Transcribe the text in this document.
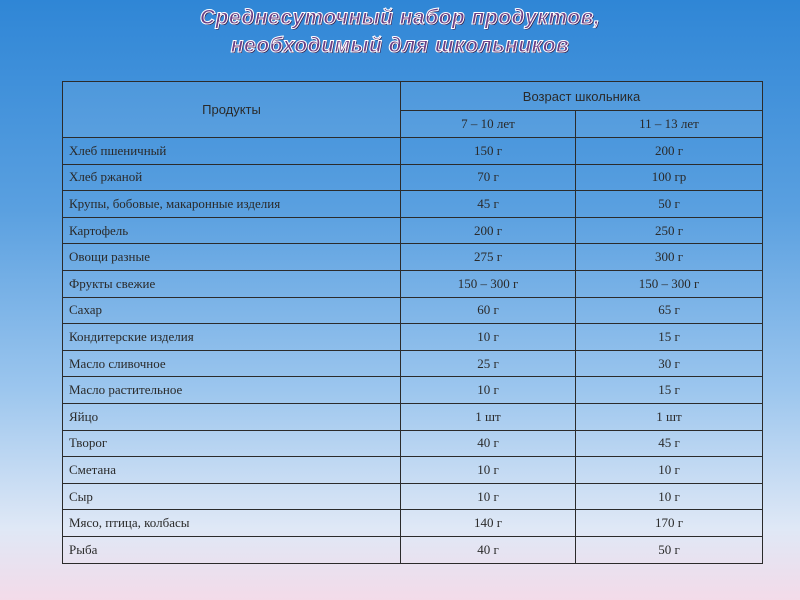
Среднесуточный набор продуктов,
необходимый для школьников
Продукты	Возраст школьника	
	7 – 10 лет	11 – 13 лет
Хлеб пшеничный	150 г	200 г
Хлеб ржаной	70 г	100 гр
Крупы, бобовые, макаронные изделия	45 г	50 г
Картофель	200 г	250 г
Овощи разные	275 г	300 г
Фрукты свежие	150 – 300 г	150 – 300 г
Сахар	60 г	65 г
Кондитерские изделия	10 г	15 г
Масло сливочное	25 г	30 г
Масло растительное	10 г	15 г
Яйцо	1 шт	1 шт
Творог	40 г	45 г
Сметана	10 г	10 г
Сыр	10 г	10 г
Мясо, птица, колбасы	140 г	170 г
Рыба	40 г	50 г
